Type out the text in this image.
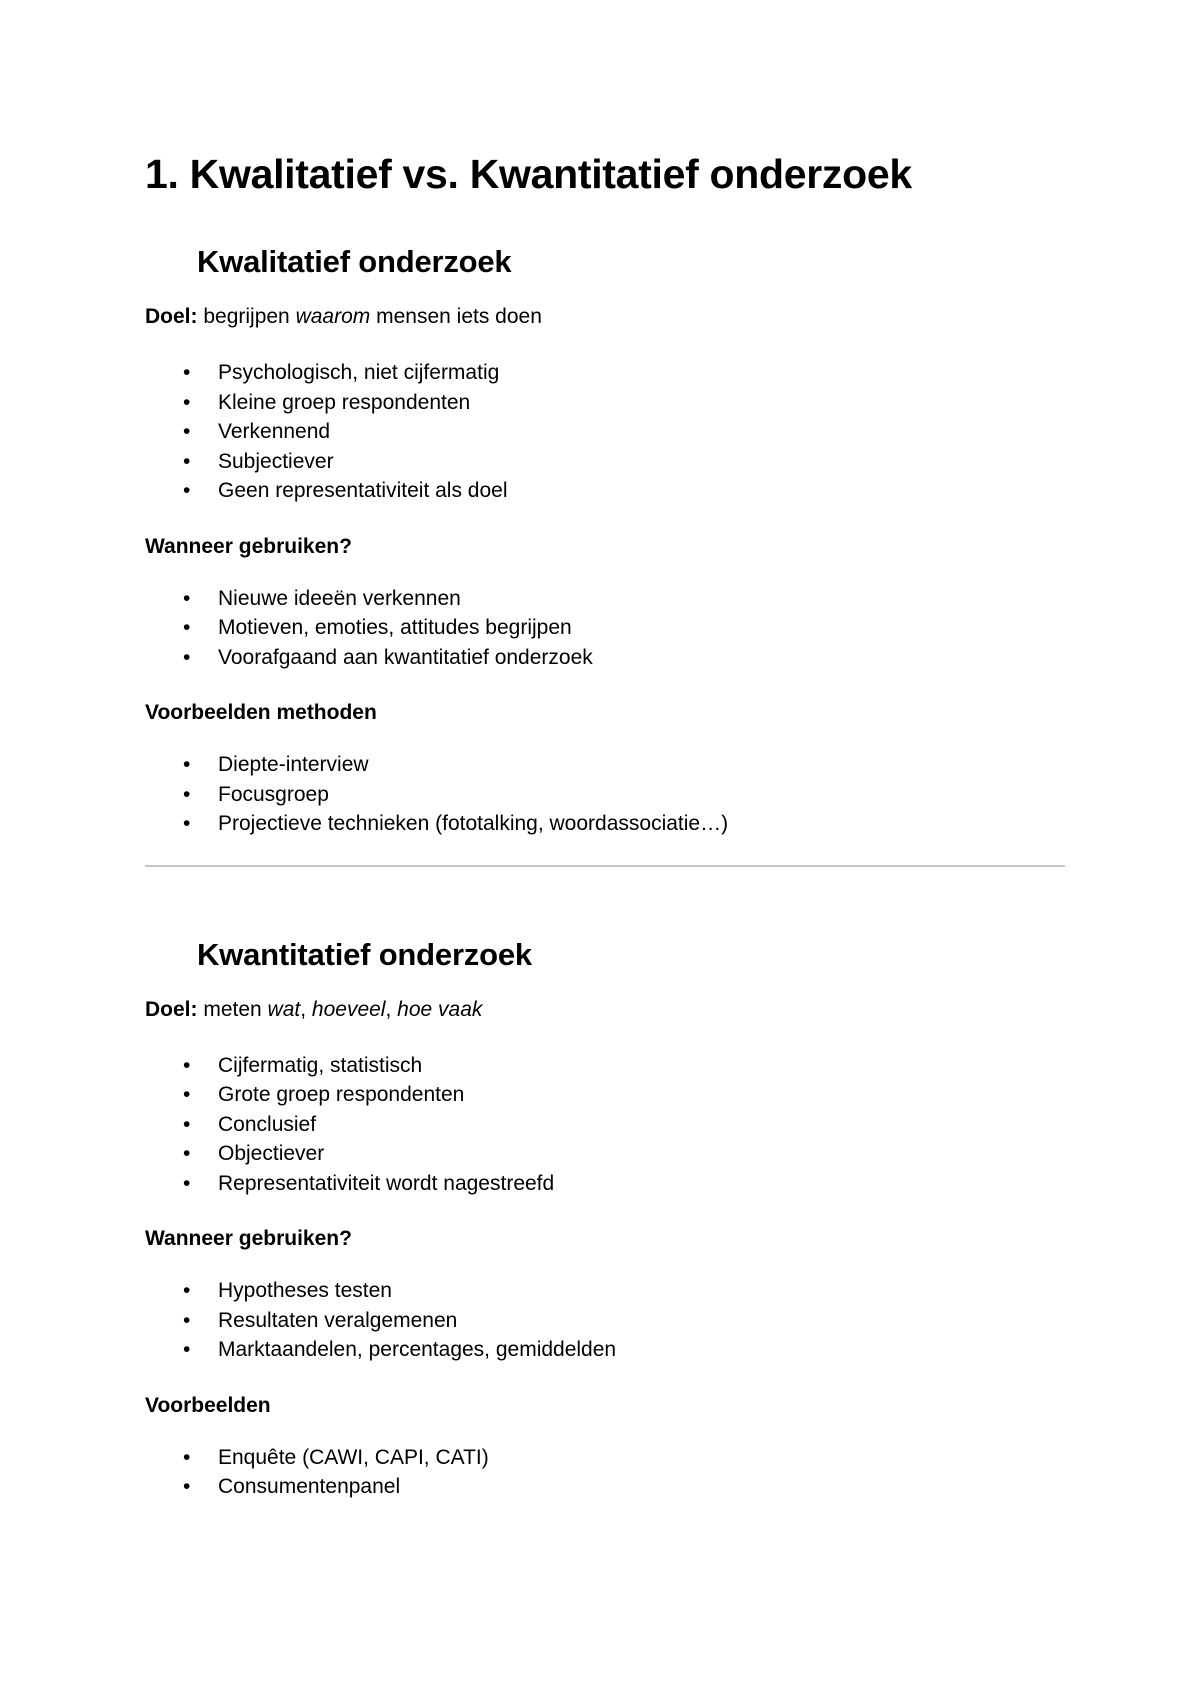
1. Kwalitatief vs. Kwantitatief onderzoek
Kwalitatief onderzoek

Doel: begrijpen waarom mensen iets doen

• Psychologisch, niet cijfermatig
• Kleine groep respondenten
• Verkennend
• Subjectiever
• Geen representativiteit als doel

Wanneer gebruiken?

• Nieuwe ideeën verkennen
• Motieven, emoties, attitudes begrijpen
• Voorafgaand aan kwantitatief onderzoek

Voorbeelden methoden

• Diepte-interview
• Focusgroep
• Projectieve technieken (fototalking, woordassociatie…)
Kwantitatief onderzoek

Doel: meten wat, hoeveel, hoe vaak

• Cijfermatig, statistisch
• Grote groep respondenten
• Conclusief
• Objectiever
• Representativiteit wordt nagestreefd

Wanneer gebruiken?

• Hypotheses testen
• Resultaten veralgemenen
• Marktaandelen, percentages, gemiddelden

Voorbeelden

• Enquête (CAWI, CAPI, CATI)
• Consumentenpanel
